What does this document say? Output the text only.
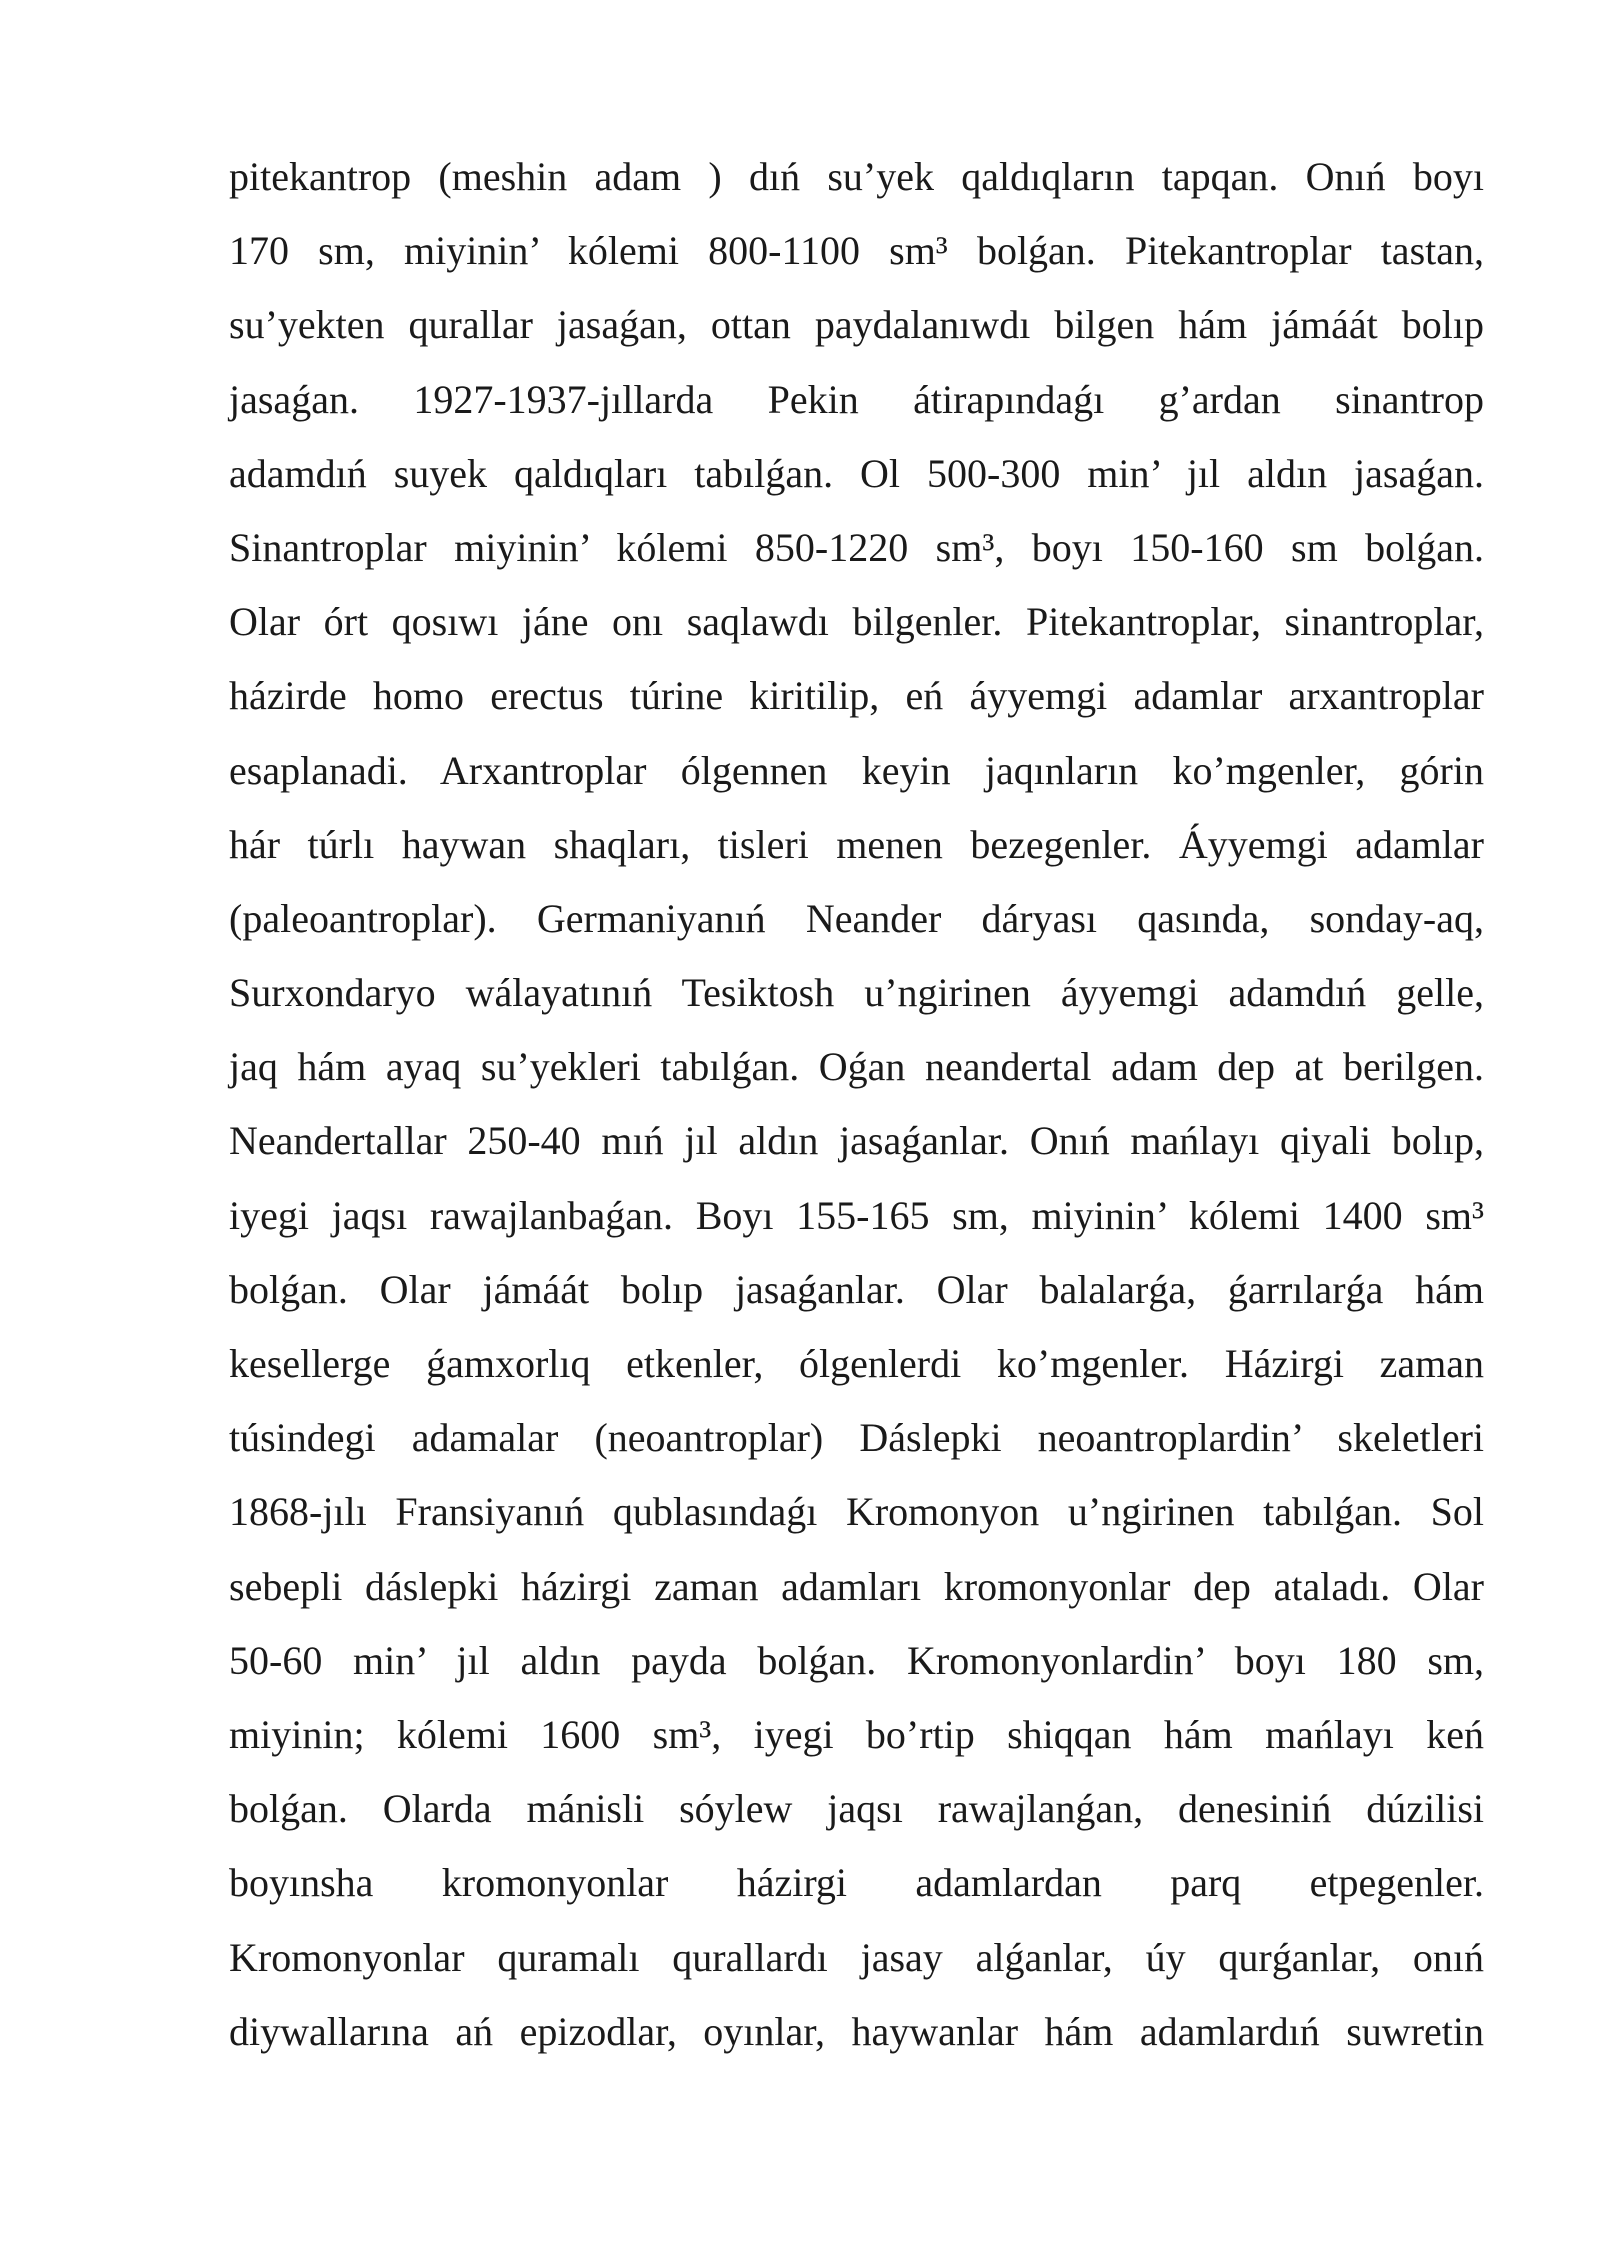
pitekantrop (meshin adam ) dıń su’yek qaldıqların tapqan. Onıń boyı
170 sm, miyinin’ kólemi 800-1100 sm³ bolǵan. Pitekantroplar tastan,
su’yekten qurallar jasaǵan, ottan paydalanıwdı bilgen hám jámáát bolıp
jasaǵan. 1927-1937-jıllarda Pekin átirapındaǵı g’ardan sinantrop
adamdıń suyek qaldıqları tabılǵan. Ol 500-300 min’ jıl aldın jasaǵan.
Sinantroplar miyinin’ kólemi 850-1220 sm³, boyı 150-160 sm bolǵan.
Olar órt qosıwı jáne onı saqlawdı bilgenler. Pitekantroplar, sinantroplar,
házirde homo erectus túrine kiritilip, eń áyyemgi adamlar arxantroplar
esaplanadi. Arxantroplar ólgennen keyin jaqınların ko’mgenler, górin
hár túrlı haywan shaqları, tisleri menen bezegenler. Áyyemgi adamlar
(paleoantroplar). Germaniyanıń Neander dáryası qasında, sonday-aq,
Surxondaryo wálayatınıń Tesiktosh u’ngirinen áyyemgi adamdıń gelle,
jaq hám ayaq su’yekleri tabılǵan. Oǵan neandertal adam dep at berilgen.
Neandertallar 250-40 mıń jıl aldın jasaǵanlar. Onıń mańlayı qiyali bolıp,
iyegi jaqsı rawajlanbaǵan. Boyı 155-165 sm, miyinin’ kólemi 1400 sm³
bolǵan. Olar jámáát bolıp jasaǵanlar. Olar balalarǵa, ǵarrılarǵa hám
kesellerge ǵamxorlıq etkenler, ólgenlerdi ko’mgenler. Házirgi zaman
túsindegi adamalar (neoantroplar) Dáslepki neoantroplardin’ skeletleri
1868-jılı Fransiyanıń qublasındaǵı Kromonyon u’ngirinen tabılǵan. Sol
sebepli dáslepki házirgi zaman adamları kromonyonlar dep ataladı. Olar
50-60 min’ jıl aldın payda bolǵan. Kromonyonlardin’ boyı 180 sm,
miyinin; kólemi 1600 sm³, iyegi bo’rtip shiqqan hám mańlayı keń
bolǵan. Olarda mánisli sóylew jaqsı rawajlanǵan, denesiniń dúzilisi
boyınsha kromonyonlar házirgi adamlardan parq etpegenler.
Kromonyonlar quramalı qurallardı jasay alǵanlar, úy qurǵanlar, onıń
diywallarına ań epizodlar, oyınlar, haywanlar hám adamlardıń suwretin
